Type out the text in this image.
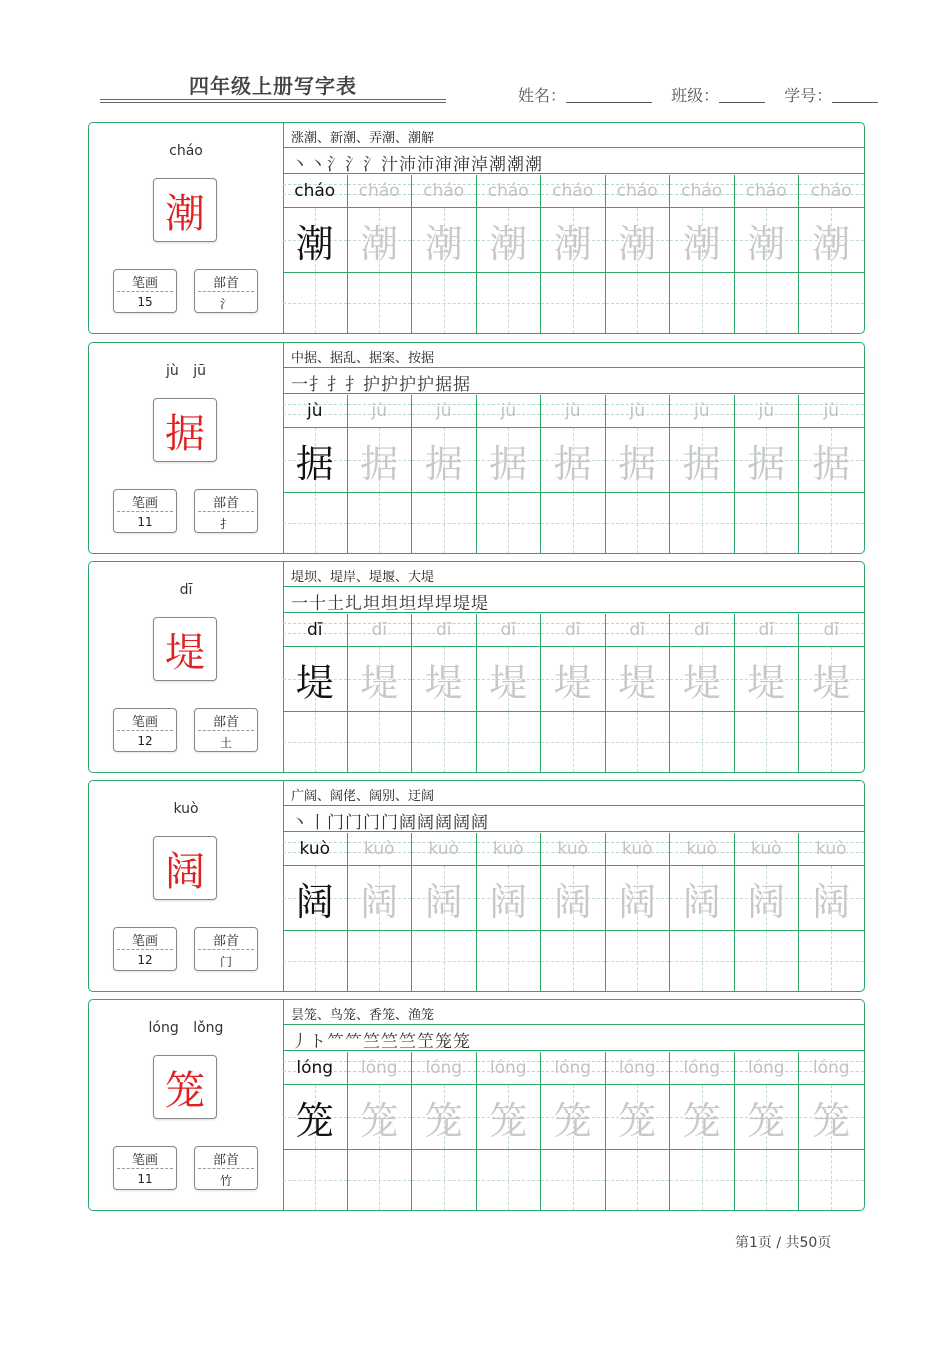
四年级上册写字表	姓名：	班级：	学号：
cháo
潮
笔画
15
部首
氵
涨潮、新潮、弄潮、潮解
丶丶氵氵氵汁沛沛渖渖淖潮潮潮
cháo	cháo	cháo	cháo	cháo	cháo	cháo	cháo	cháo
潮 潮 潮 潮 潮 潮 潮 潮 潮
jù jū
据
笔画
11
部首
扌
中据、据乱、据案、按据
一扌扌扌护护护护据据
jù	jù	jù	jù	jù	jù	jù	jù	jù
据 据 据 据 据 据 据 据 据
dī
堤
笔画
12
部首
土
堤坝、堤岸、堤堰、大堤
一十土圠坦坦坦垾垾堤堤
dī	dī	dī	dī	dī	dī	dī	dī	dī
堤 堤 堤 堤 堤 堤 堤 堤 堤
kuò
阔
笔画
12
部首
门
广阔、阔佬、阔别、迂阔
丶丨门门门门阔阔阔阔阔
kuò	kuò	kuò	kuò	kuò	kuò	kuò	kuò	kuò
阔 阔 阔 阔 阔 阔 阔 阔 阔
lóng lǒng
笼
笔画
11
部首
竹
昙笼、鸟笼、香笼、渔笼
丿ト⺮⺮竺竺竺笁笼笼
lóng	lóng	lóng	lóng	lóng	lóng	lóng	lóng	lóng
笼 笼 笼 笼 笼 笼 笼 笼 笼
第1页 / 共50页
